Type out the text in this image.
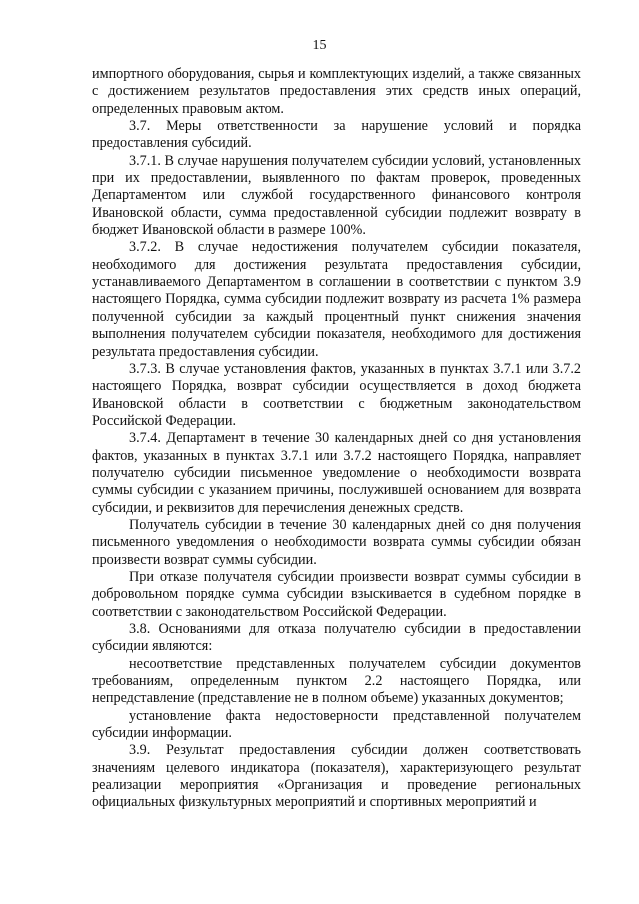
15

импортного оборудования, сырья и комплектующих изделий, а также связанных с достижением результатов предоставления этих средств иных операций, определенных правовым актом.

3.7. Меры ответственности за нарушение условий и порядка предоставления субсидий.

3.7.1. В случае нарушения получателем субсидии условий, установленных при их предоставлении, выявленного по фактам проверок, проведенных Департаментом или службой государственного финансового контроля Ивановской области, сумма предоставленной субсидии подлежит возврату в бюджет Ивановской области в размере 100%.

3.7.2. В случае недостижения получателем субсидии показателя, необходимого для достижения результата предоставления субсидии, устанавливаемого Департаментом в соглашении в соответствии с пунктом 3.9 настоящего Порядка, сумма субсидии подлежит возврату из расчета 1% размера полученной субсидии за каждый процентный пункт снижения значения выполнения получателем субсидии показателя, необходимого для достижения результата предоставления субсидии.

3.7.3. В случае установления фактов, указанных в пунктах 3.7.1 или 3.7.2 настоящего Порядка, возврат субсидии осуществляется в доход бюджета Ивановской области в соответствии с бюджетным законодательством Российской Федерации.

3.7.4. Департамент в течение 30 календарных дней со дня установления фактов, указанных в пунктах 3.7.1 или 3.7.2 настоящего Порядка, направляет получателю субсидии письменное уведомление о необходимости возврата суммы субсидии с указанием причины, послужившей основанием для возврата субсидии, и реквизитов для перечисления денежных средств.

Получатель субсидии в течение 30 календарных дней со дня получения письменного уведомления о необходимости возврата суммы субсидии обязан произвести возврат суммы субсидии.

При отказе получателя субсидии произвести возврат суммы субсидии в добровольном порядке сумма субсидии взыскивается в судебном порядке в соответствии с законодательством Российской Федерации.

3.8. Основаниями для отказа получателю субсидии в предоставлении субсидии являются:

несоответствие представленных получателем субсидии документов требованиям, определенным пунктом 2.2 настоящего Порядка, или непредставление (представление не в полном объеме) указанных документов;

установление факта недостоверности представленной получателем субсидии информации.

3.9. Результат предоставления субсидии должен соответствовать значениям целевого индикатора (показателя), характеризующего результат реализации мероприятия «Организация и проведение региональных официальных физкультурных мероприятий и спортивных мероприятий и
